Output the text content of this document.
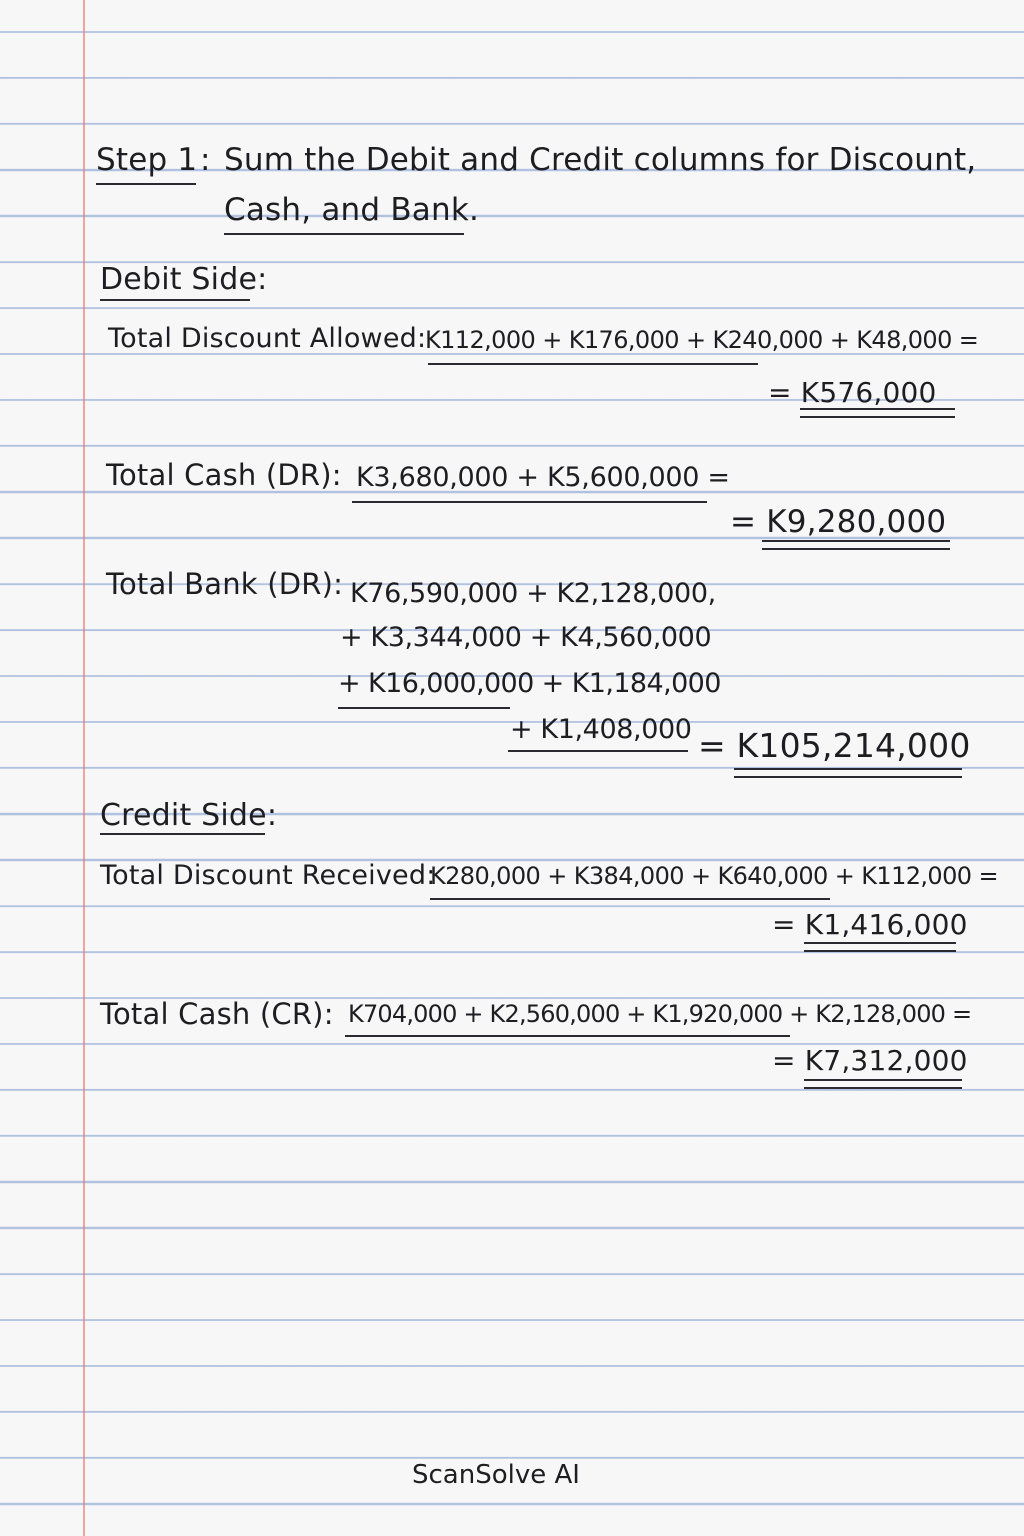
Step 1 : Sum the Debit and Credit columns for Discount,
Cash, and Bank.
Debit Side:
Total Discount Allowed:
K112,000 + K176,000 + K240,000 + K48,000 =
= K576,000
Total Cash (DR): K3,680,000 + K5,600,000 =
= K9,280,000
Total Bank (DR): K76,590,000 + K2,128,000,
+ K3,344,000 + K4,560,000
+ K16,000,000 + K1,184,000
+ K1,408,000 = K105,214,000
Credit Side:
Total Discount Received:
K280,000 + K384,000 + K640,000 + K112,000 =
= K1,416,000
Total Cash (CR): K704,000 + K2,560,000 + K1,920,000 + K2,128,000 =
= K7,312,000
ScanSolve AI
